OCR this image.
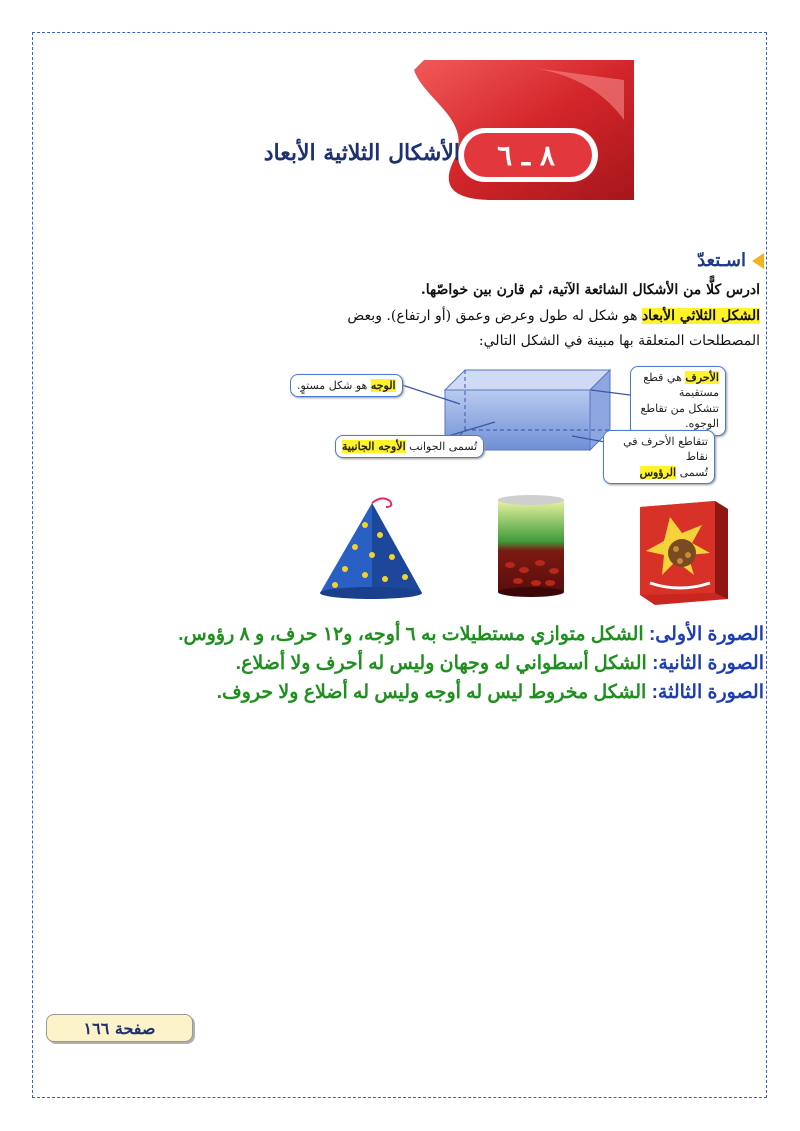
٨ ـ ٦
الأشكال الثلاثية الأبعاد
اسـتعدّ
ادرس كلًّا من الأشكال الشائعة الآتية، ثم قارن بين خواصّها.
الشكل الثلاثي الأبعاد هو شكل له طول وعرض وعمق (أو ارتفاع). وبعض
المصطلحات المتعلقة بها مبينة في الشكل التالي:
الوجه هو شكل مستوٍ.
الأحرف هي قطع مستقيمة
تتشكل من تقاطع الوجوه.
تُسمى الجوانب الأوجه الجانبية	تتقاطع الأحرف في نقاط
تُسمى الرؤوس
الصورة الأولى: الشكل متوازي مستطيلات به ٦ أوجه، و١٢ حرف، و ٨ رؤوس.
الصورة الثانية: الشكل أسطواني له وجهان وليس له أحرف ولا أضلاع.
الصورة الثالثة: الشكل مخروط ليس له أوجه وليس له أضلاع ولا حروف.
صفحة ١٦٦
